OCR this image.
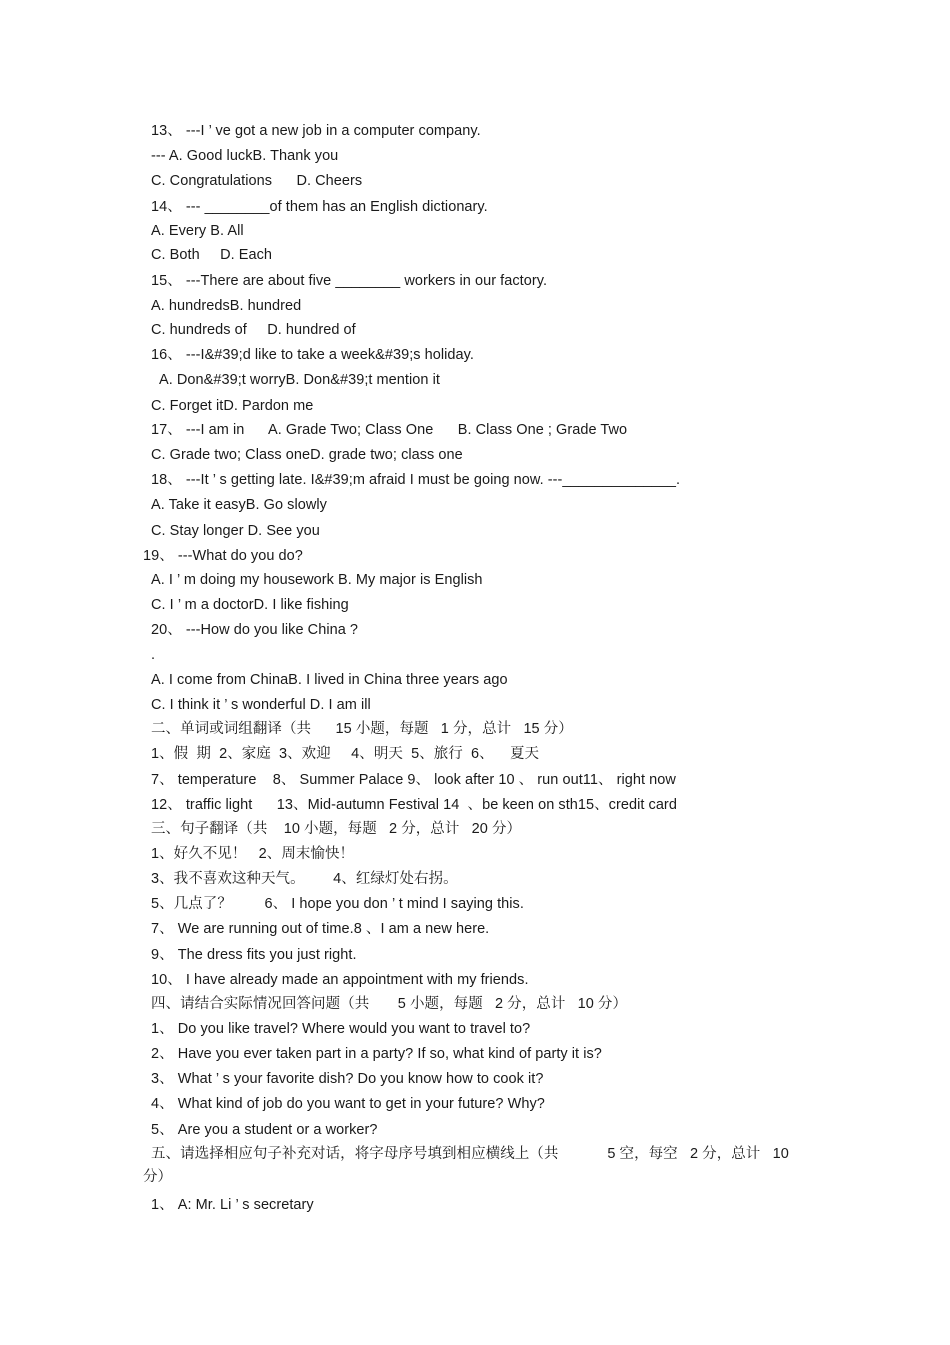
13、 ---I ’ ve got a new job in a computer company.
--- A. Good luckB. Thank you
C. Congratulations      D. Cheers
14、 --- ________of them has an English dictionary.
A. Every B. All
C. Both     D. Each
15、 ---There are about five ________ workers in our factory.
A. hundredsB. hundred
C. hundreds of     D. hundred of
16、 ---I&#39;d like to take a week&#39;s holiday.
A. Don&#39;t worryB. Don&#39;t mention it
C. Forget itD. Pardon me
17、 ---I am in      A. Grade Two; Class One      B. Class One ; Grade Two
C. Grade two; Class oneD. grade two; class one
18、 ---It ’ s getting late. I&#39;m afraid I must be going now. ---______________.
A. Take it easyB. Go slowly
C. Stay longer D. See you
19、 ---What do you do?
A. I ’ m doing my housework B. My major is English
C. I ’ m a doctorD. I like fishing
20、 ---How do you like China ?
.
A. I come from ChinaB. I lived in China three years ago
C. I think it ’ s wonderful D. I am ill
二、单词或词组翻译（共      15 小题，每题   1 分，总计   15 分）
1、假  期  2、家庭  3、欢迎     4、明天  5、旅行  6、    夏天
7、 temperature    8、 Summer Palace 9、 look after 10 、 run out11、 right now
12、 traffic light      13、Mid-autumn Festival 14  、be keen on sth15、credit card
三、句子翻译（共    10 小题，每题   2 分，总计   20 分）
1、好久不见！   2、周末愉快！
3、我不喜欢这种天气。       4、红绿灯处右拐。
5、几点了？        6、 I hope you don ’ t mind I saying this.
7、 We are running out of time.8 、I am a new here.
9、 The dress fits you just right.
10、 I have already made an appointment with my friends.
四、请结合实际情况回答问题（共       5 小题，每题   2 分，总计   10 分）
1、 Do you like travel? Where would you want to travel to?
2、 Have you ever taken part in a party? If so, what kind of party it is?
3、 What ’ s your favorite dish? Do you know how to cook it?
4、 What kind of job do you want to get in your future? Why?
5、 Are you a student or a worker?
五、请选择相应句子补充对话，将字母序号填到相应横线上（共            5 空，每空   2 分，总计   10
分）
1、 A: Mr. Li ’ s secretary
